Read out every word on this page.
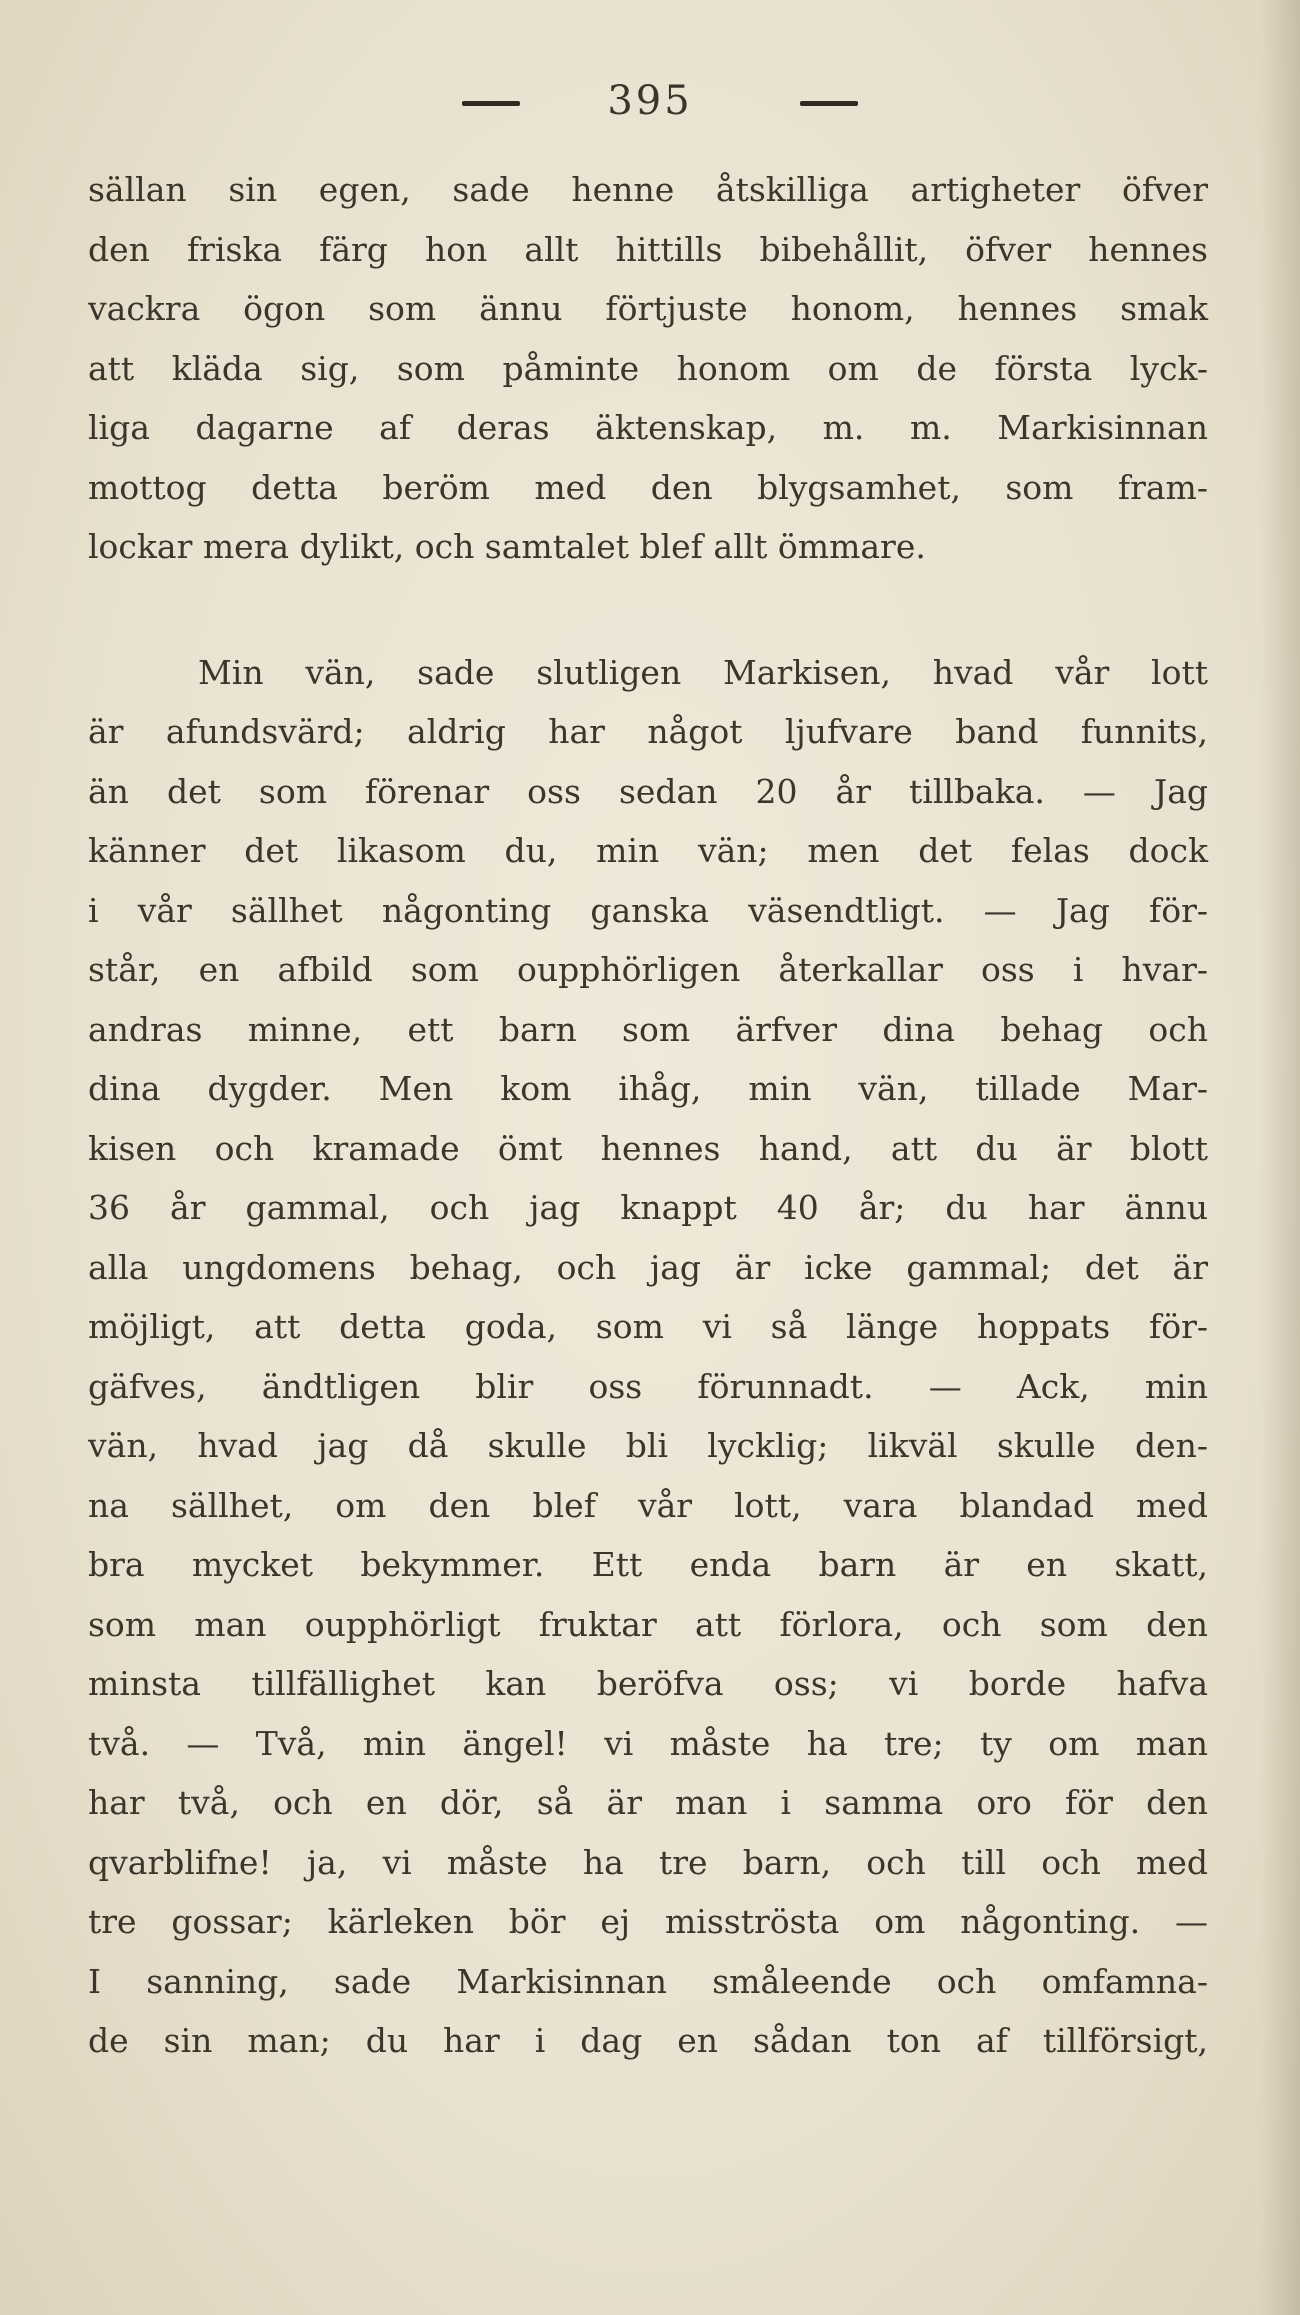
395
sällan sin egen, sade henne åtskilliga artigheter öfver
den friska färg hon allt hittills bibehållit, öfver hennes
vackra ögon som ännu förtjuste honom, hennes smak
att kläda sig, som påminte honom om de första lyck-
liga dagarne af deras äktenskap, m. m. Markisinnan
mottog detta beröm med den blygsamhet, som fram-
lockar mera dylikt, och samtalet blef allt ömmare.
Min vän, sade slutligen Markisen, hvad vår lott
är afundsvärd; aldrig har något ljufvare band funnits,
än det som förenar oss sedan 20 år tillbaka. — Jag
känner det likasom du, min vän; men det felas dock
i vår sällhet någonting ganska väsendtligt. — Jag för-
står, en afbild som oupphörligen återkallar oss i hvar-
andras minne, ett barn som ärfver dina behag och
dina dygder. Men kom ihåg, min vän, tillade Mar-
kisen och kramade ömt hennes hand, att du är blott
36 år gammal, och jag knappt 40 år; du har ännu
alla ungdomens behag, och jag är icke gammal; det är
möjligt, att detta goda, som vi så länge hoppats för-
gäfves, ändtligen blir oss förunnadt. — Ack, min
vän, hvad jag då skulle bli lycklig; likväl skulle den-
na sällhet, om den blef vår lott, vara blandad med
bra mycket bekymmer. Ett enda barn är en skatt,
som man oupphörligt fruktar att förlora, och som den
minsta tillfällighet kan beröfva oss; vi borde hafva
två. — Två, min ängel! vi måste ha tre; ty om man
har två, och en dör, så är man i samma oro för den
qvarblifne! ja, vi måste ha tre barn, och till och med
tre gossar; kärleken bör ej misströsta om någonting. —
I sanning, sade Markisinnan småleende och omfamna-
de sin man; du har i dag en sådan ton af tillförsigt,
